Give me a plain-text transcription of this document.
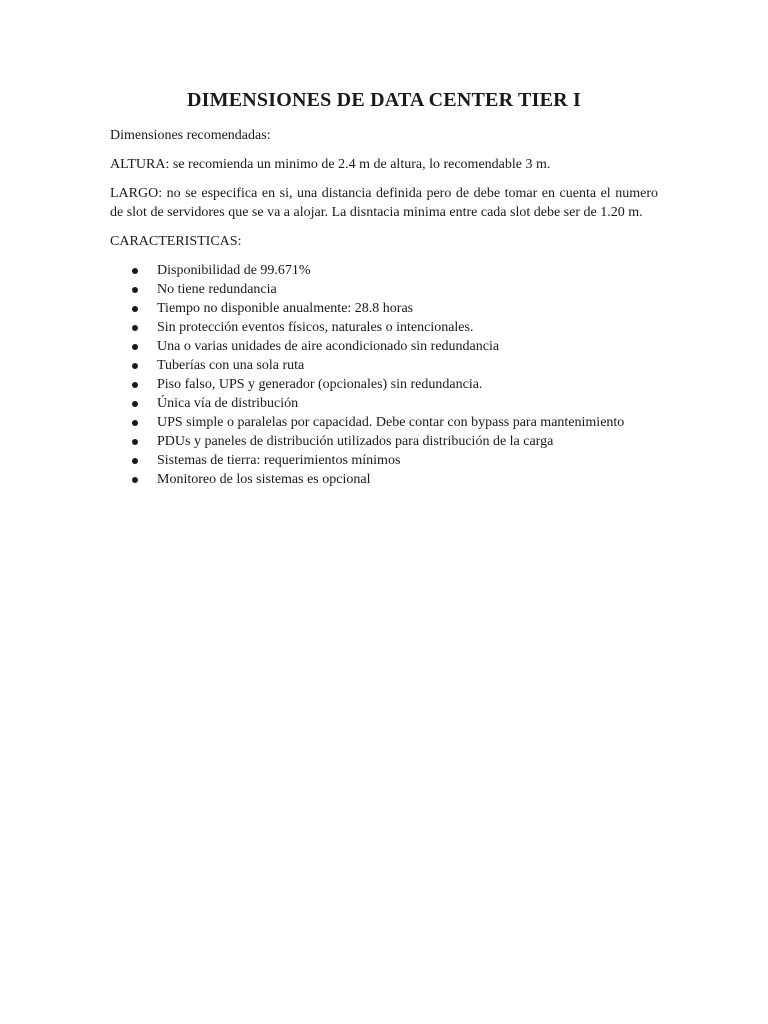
DIMENSIONES DE DATA CENTER TIER I

Dimensiones recomendadas:

ALTURA: se recomienda un minimo de 2.4 m de altura, lo recomendable 3 m.

LARGO: no se especifica en si, una distancia definida pero de debe tomar en cuenta el numero de slot de servidores que se va a alojar. La disntacia minima entre cada slot debe ser de 1.20 m.

CARACTERISTICAS:

Disponibilidad de 99.671%
No tiene redundancia
Tiempo no disponible anualmente: 28.8 horas
Sin protección eventos físicos, naturales o intencionales.
Una o varias unidades de aire acondicionado sin redundancia
Tuberías con una sola ruta
Piso falso, UPS y generador (opcionales) sin redundancia.
Única vía de distribución
UPS simple o paralelas por capacidad. Debe contar con bypass para mantenimiento
PDUs y paneles de distribución utilizados para distribución de la carga
Sistemas de tierra: requerimientos mínimos
Monitoreo de los sistemas es opcional
